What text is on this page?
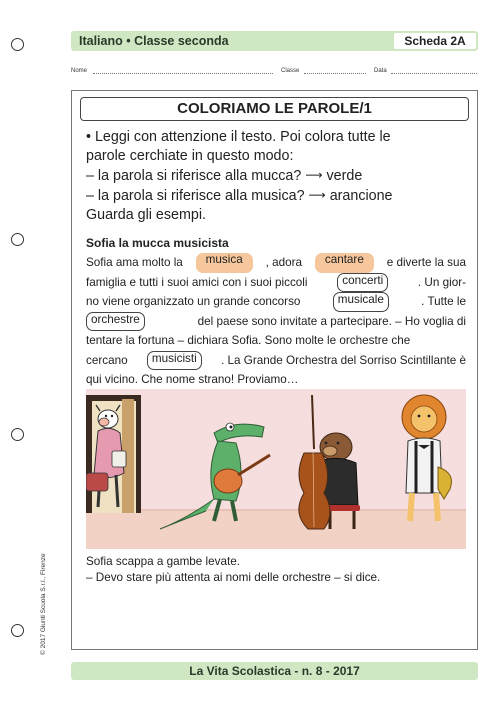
Italiano • Classe seconda	Scheda 2A
Nome	Classe	Data
COLORIAMO LE PAROLE/1
• Leggi con attenzione il testo. Poi colora tutte le
parole cerchiate in questo modo:
– la parola si riferisce alla mucca? ⟶ verde
– la parola si riferisce alla musica? ⟶ arancione
Guarda gli esempi.
Sofia la mucca musicista
Sofia ama molto la	musica	, adora	cantare	e diverte la sua
famiglia e tutti i suoi amici con i suoi piccoli	concerti	. Un gior-
no viene organizzato un grande concorso	musicale	. Tutte le
orchestre	del paese sono invitate a partecipare. – Ho voglia di
tentare la fortuna – dichiara Sofia. Sono molte le orchestre che
cercano	musicisti	. La Grande Orchestra del Sorriso Scintillante è
qui vicino. Che nome strano! Proviamo…
Sofia scappa a gambe levate.
– Devo stare più attenta ai nomi delle orchestre – si dice.
© 2017 Giunti Scuola S.r.l., Firenze
La Vita Scolastica - n. 8 - 2017
